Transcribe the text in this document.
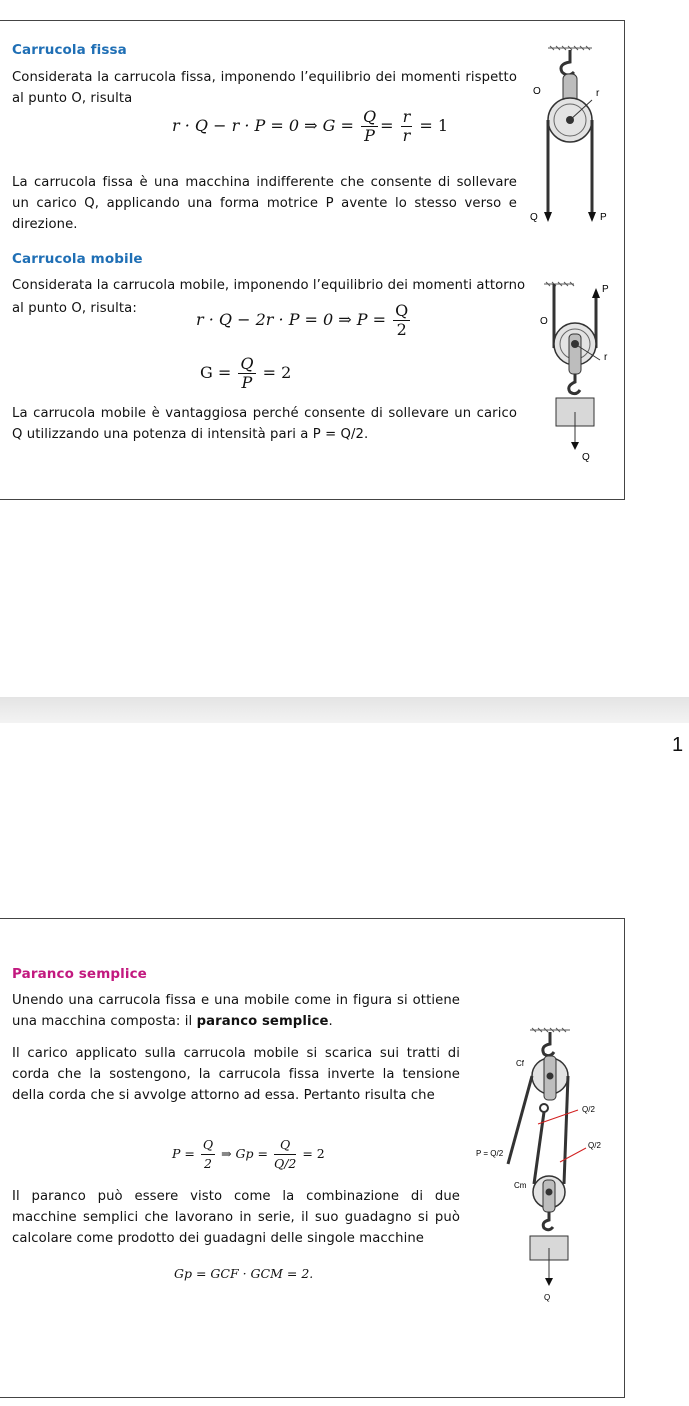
Carrucola fissa
Considerata la carrucola fissa, imponendo l’equilibrio dei momenti rispetto al punto O, risulta
r · Q − r · P = 0 ⇒ $G = \frac{Q}{P} = \frac{r}{r} = 1$
La carrucola fissa è una macchina indifferente che consente di sollevare un carico Q, applicando una forma motrice P avente lo stesso verso e direzione.
Carrucola mobile
Considerata la carrucola mobile, imponendo l’equilibrio dei momenti attorno
al punto O, risulta:
r · Q − 2r · P = 0 ⇒ $P = \frac{Q}{2}$
$G = \frac{Q}{P} = 2$
La carrucola mobile è vantaggiosa perché consente di sollevare un carico Q utilizzando una potenza di intensità pari a P = Q/2.
O	r
Q	P
P
O
r
Q
1
Paranco semplice
Unendo una carrucola fissa e una mobile come in figura si ottiene una macchina composta: il paranco semplice.
Il carico applicato sulla carrucola mobile si scarica sui tratti di corda che la sostengono, la carrucola fissa inverte la tensione della corda che si avvolge attorno ad essa. Pertanto risulta che
$P = \frac{Q}{2}$ ⇒ $Gp = \frac{Q}{Q/2} = 2$
Il paranco può essere visto come la combinazione di due macchine semplici che lavorano in serie, il suo guadagno si può calcolare come prodotto dei guadagni delle singole macchine
Gp = GCF · GCM = 2.
Cf
Q/2
Q/2
P = Q/2
Cm
Q
